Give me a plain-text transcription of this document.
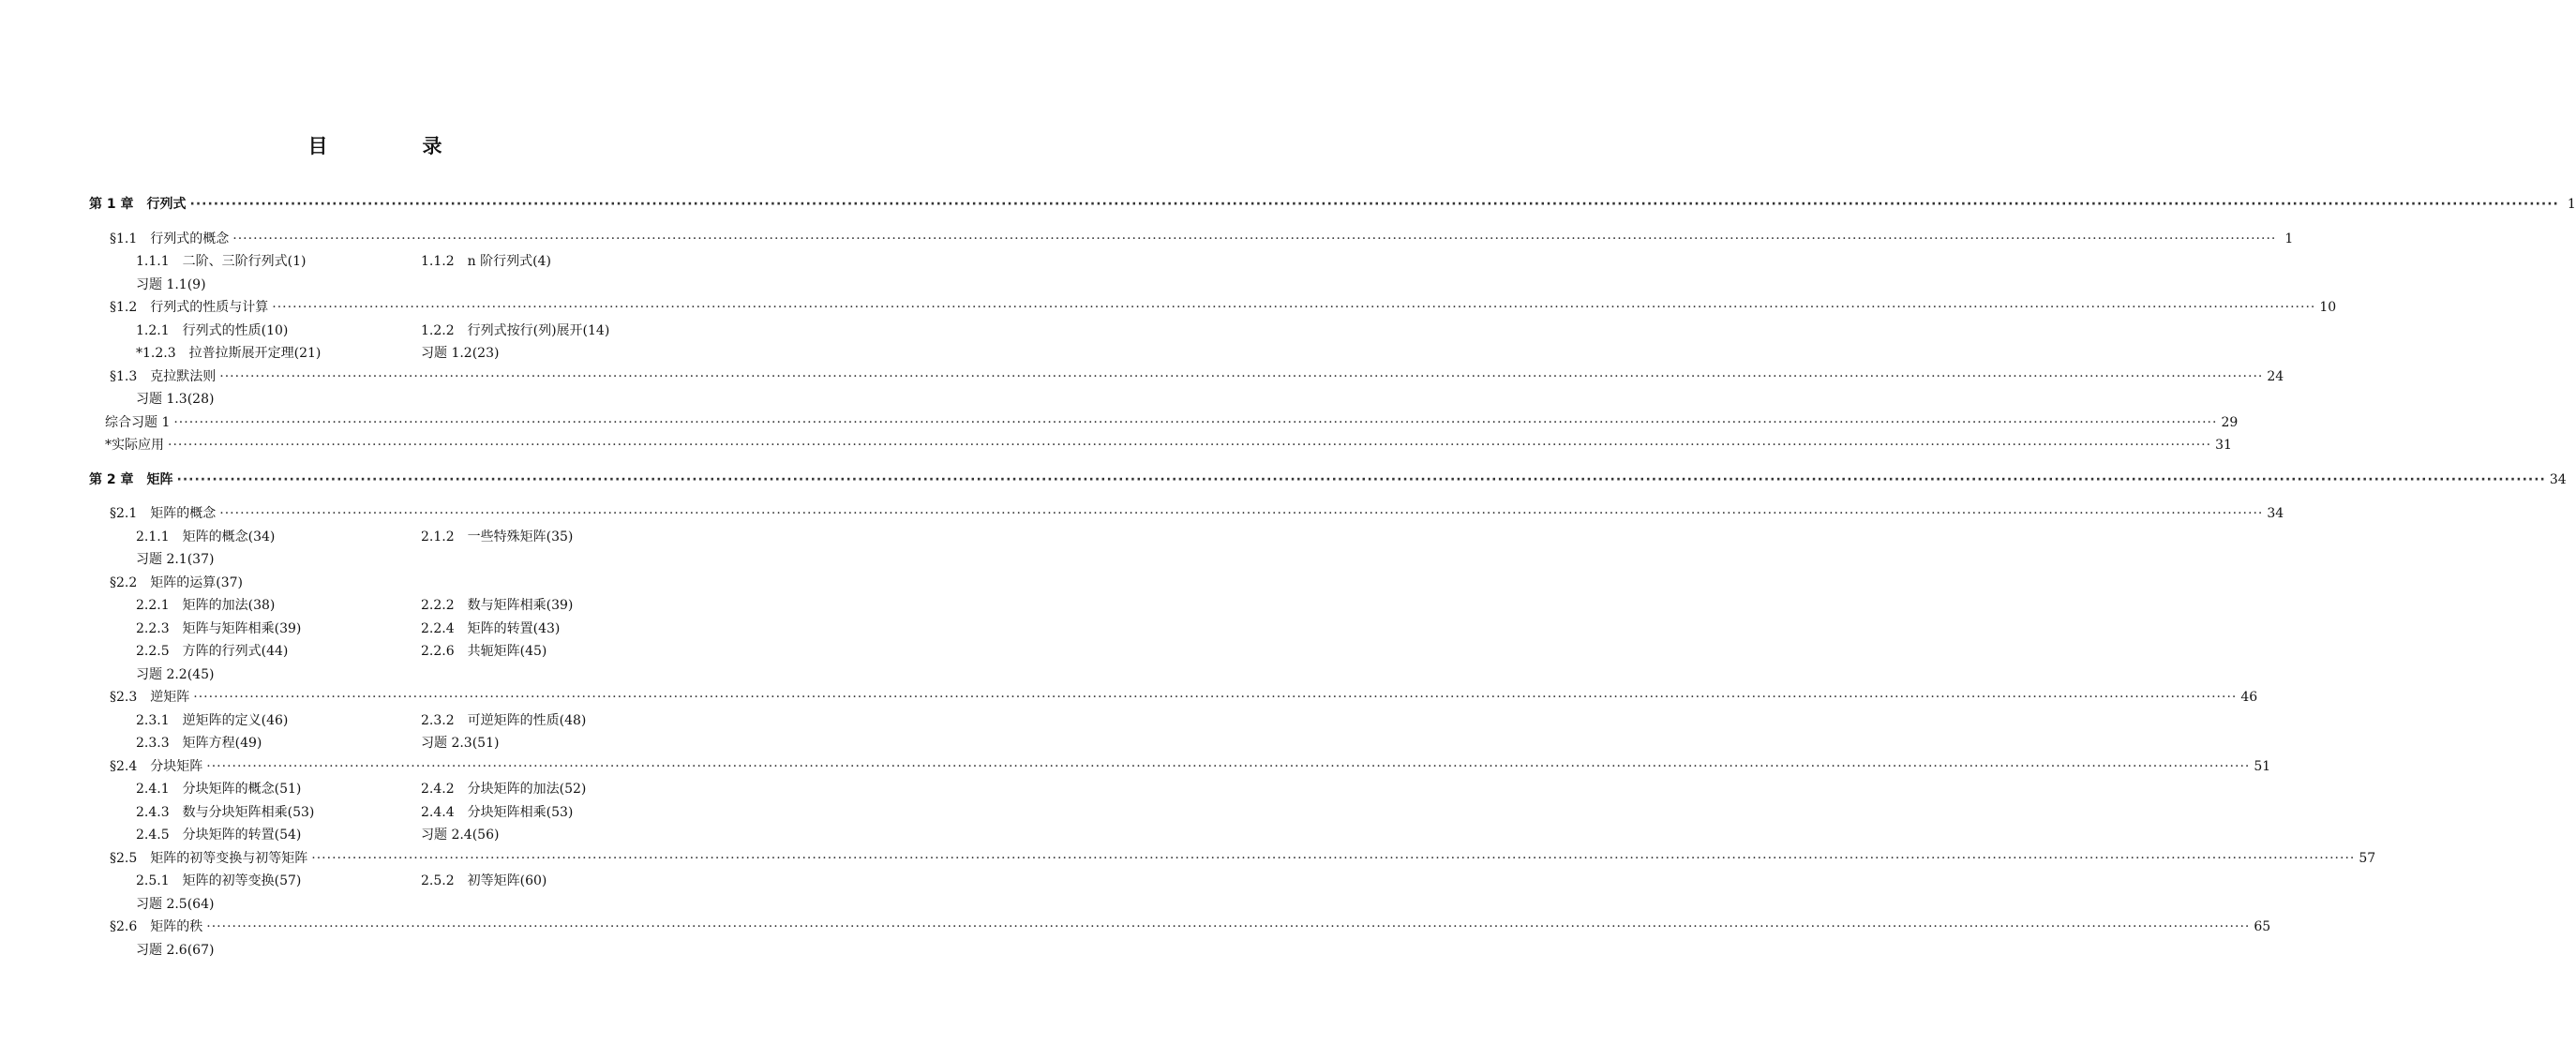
目　录
第 1 章　行列式 ················································································································································································································································································································································································································ 1
§1.1　行列式的概念 ················································································································································································································································································································································································································ 1
1.1.1　二阶、三阶行列式(1)	1.1.2　n 阶行列式(4)
习题 1.1(9)
§1.2　行列式的性质与计算 ················································································································································································································································································································································································································ 10
1.2.1　行列式的性质(10)	1.2.2　行列式按行(列)展开(14)
*1.2.3　拉普拉斯展开定理(21)	习题 1.2(23)
§1.3　克拉默法则 ················································································································································································································································································································································································································ 24
习题 1.3(28)
综合习题 1 ················································································································································································································································································································································································································ 29
*实际应用 ················································································································································································································································································································································································································ 31
第 2 章　矩阵 ················································································································································································································································································································································································································ 34
§2.1　矩阵的概念 ················································································································································································································································································································································································································ 34
2.1.1　矩阵的概念(34)	2.1.2　一些特殊矩阵(35)
习题 2.1(37)
§2.2　矩阵的运算(37)
2.2.1　矩阵的加法(38)	2.2.2　数与矩阵相乘(39)
2.2.3　矩阵与矩阵相乘(39)	2.2.4　矩阵的转置(43)
2.2.5　方阵的行列式(44)	2.2.6　共轭矩阵(45)
习题 2.2(45)
§2.3　逆矩阵 ················································································································································································································································································································································································································ 46
2.3.1　逆矩阵的定义(46)	2.3.2　可逆矩阵的性质(48)
2.3.3　矩阵方程(49)	习题 2.3(51)
§2.4　分块矩阵 ················································································································································································································································································································································································································ 51
2.4.1　分块矩阵的概念(51)	2.4.2　分块矩阵的加法(52)
2.4.3　数与分块矩阵相乘(53)	2.4.4　分块矩阵相乘(53)
2.4.5　分块矩阵的转置(54)	习题 2.4(56)
§2.5　矩阵的初等变换与初等矩阵 ················································································································································································································································································································································································································ 57
2.5.1　矩阵的初等变换(57)	2.5.2　初等矩阵(60)
习题 2.5(64)
§2.6　矩阵的秩 ················································································································································································································································································································································································································ 65
习题 2.6(67)
